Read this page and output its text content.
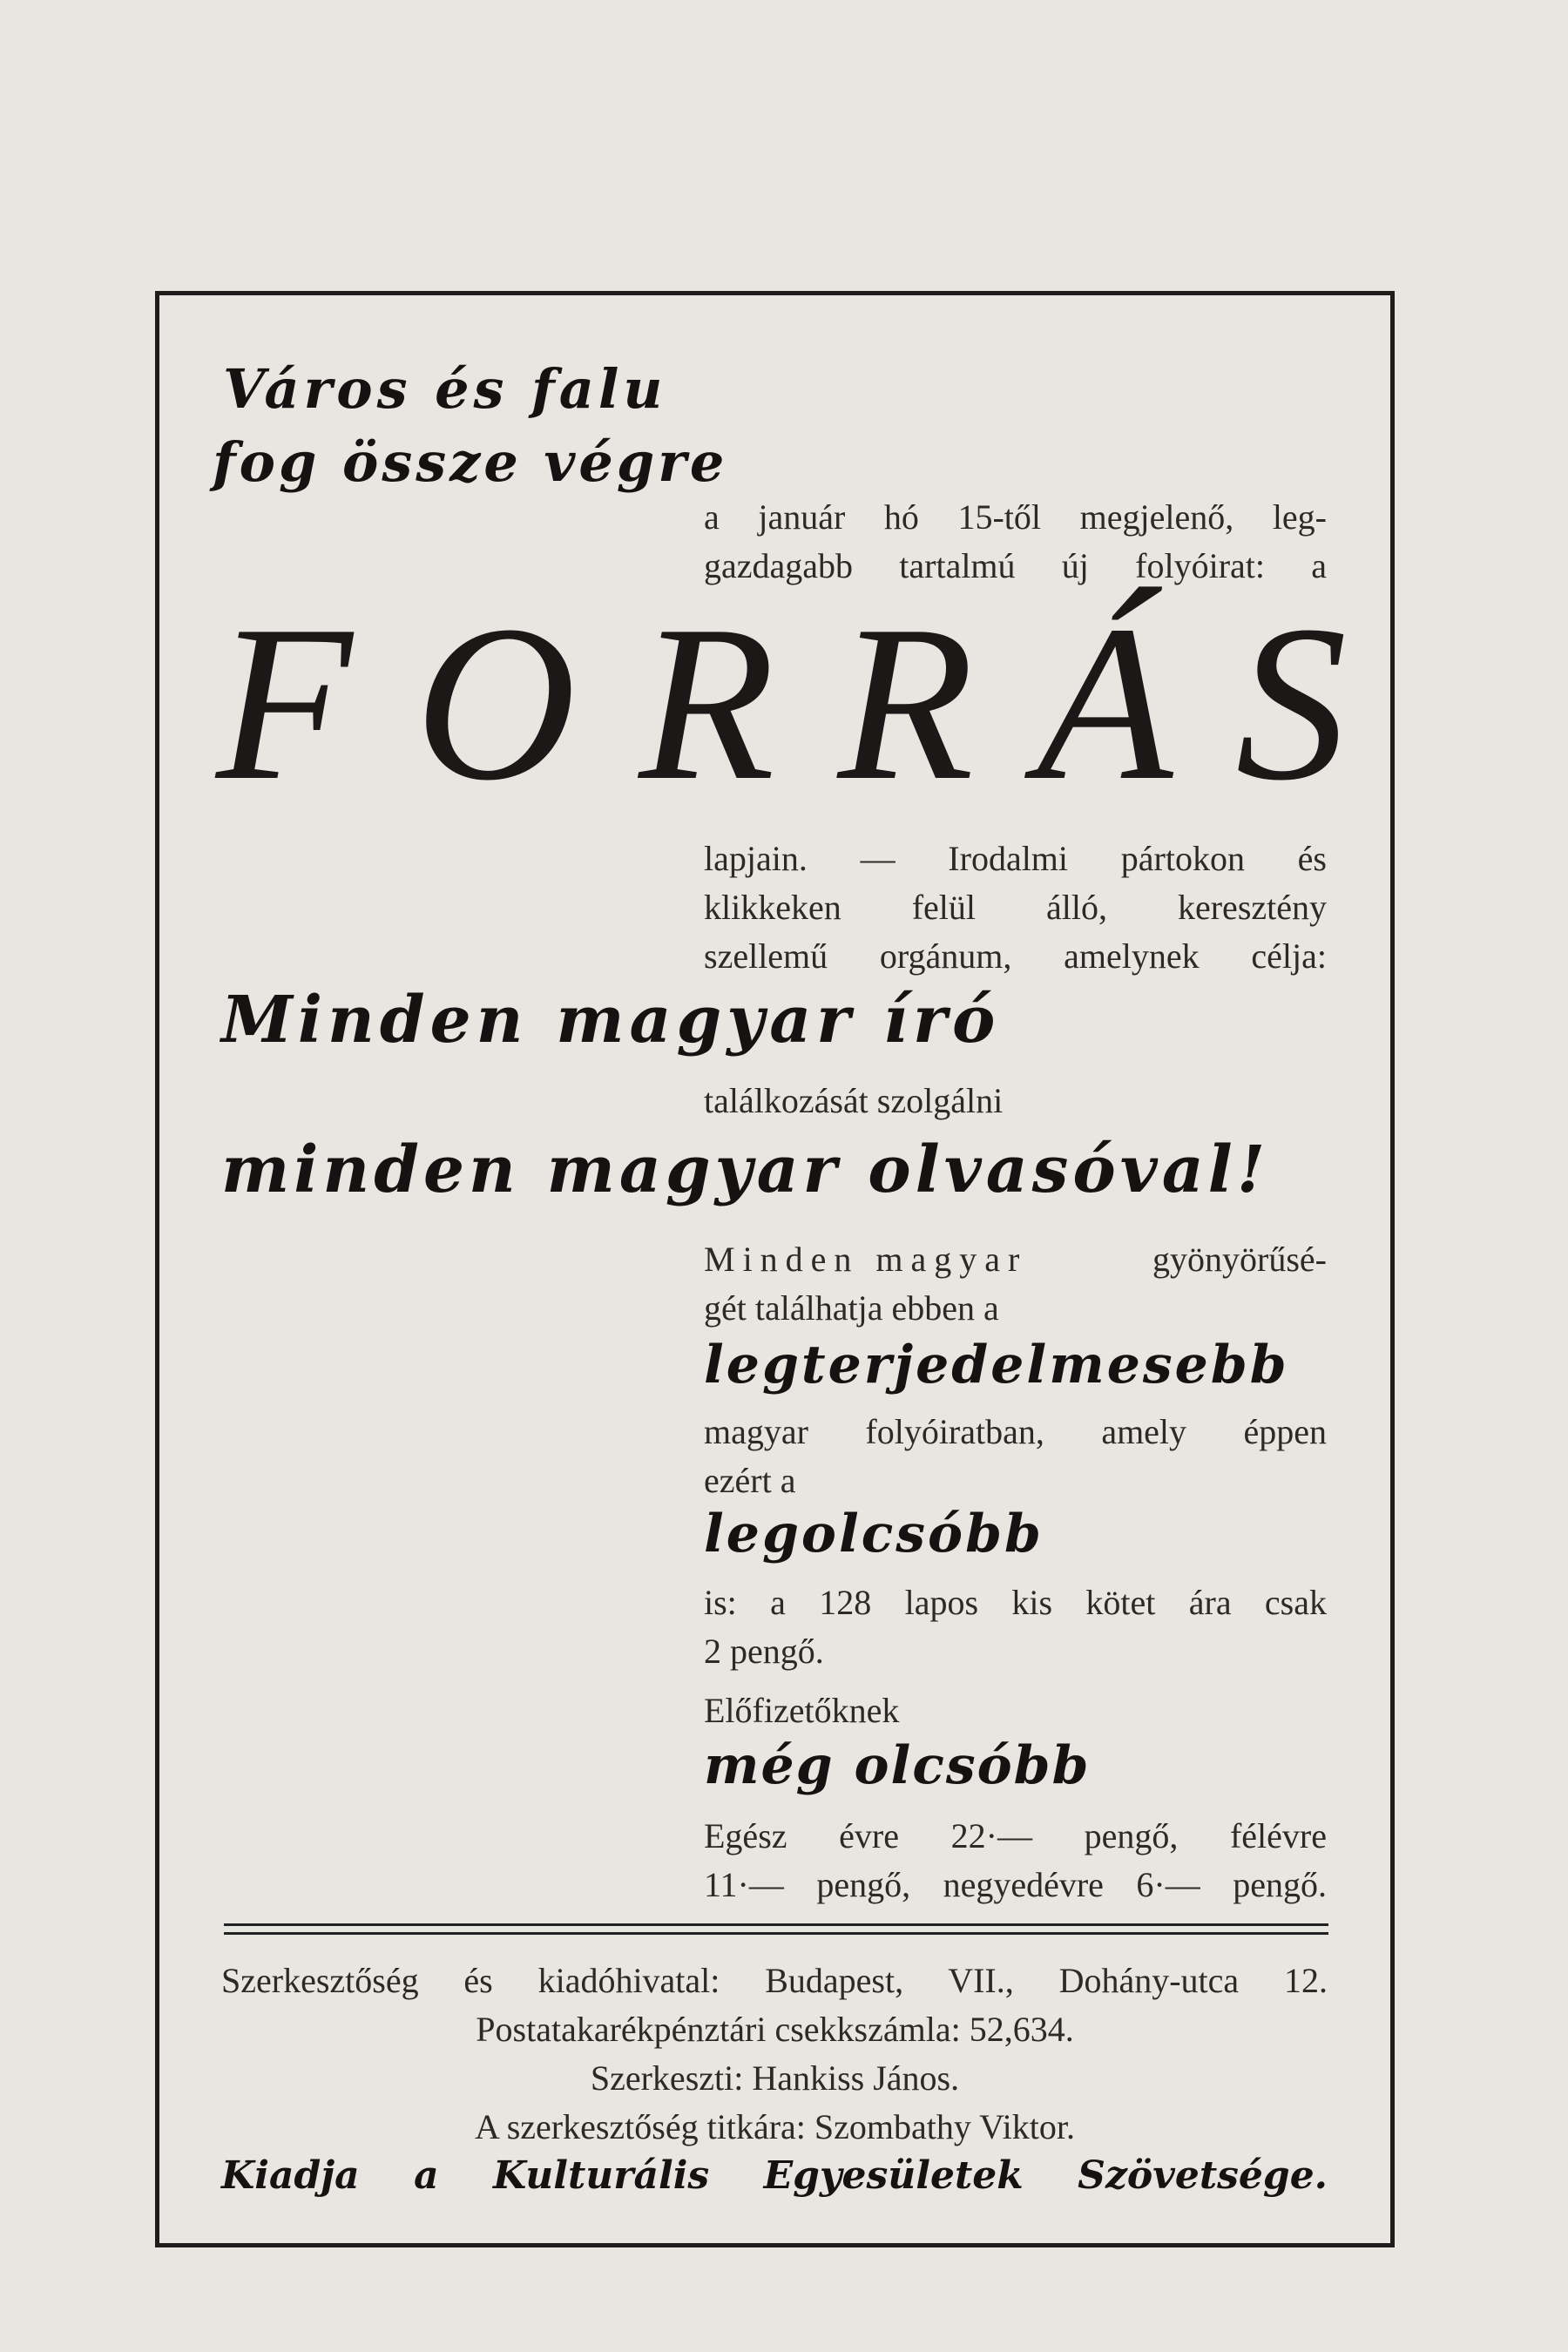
Város és falu
fog össze végre
a január hó 15-től megjelenő, leg-
gazdagabb tartalmú új folyóirat: a
FORRÁS
lapjain. — Irodalmi pártokon és
klikkeken felül álló, keresztény
szellemű orgánum, amelynek célja:
Minden magyar író
találkozását szolgálni
minden magyar olvasóval!
Minden magyar	gyönyörűsé-
gét találhatja ebben a
legterjedelmesebb
magyar folyóiratban, amely éppen
ezért a
legolcsóbb
is: a 128 lapos kis kötet ára csak
2 pengő.
Előfizetőknek
még olcsóbb
Egész évre 22·— pengő, félévre
11·— pengő, negyedévre 6·— pengő.
Szerkesztőség és kiadóhivatal: Budapest, VII., Dohány-utca 12.
Postatakarékpénztári csekkszámla: 52,634.
Szerkeszti: Hankiss János.
A szerkesztőség titkára: Szombathy Viktor.
Kiadja a Kulturális Egyesületek Szövetsége.
